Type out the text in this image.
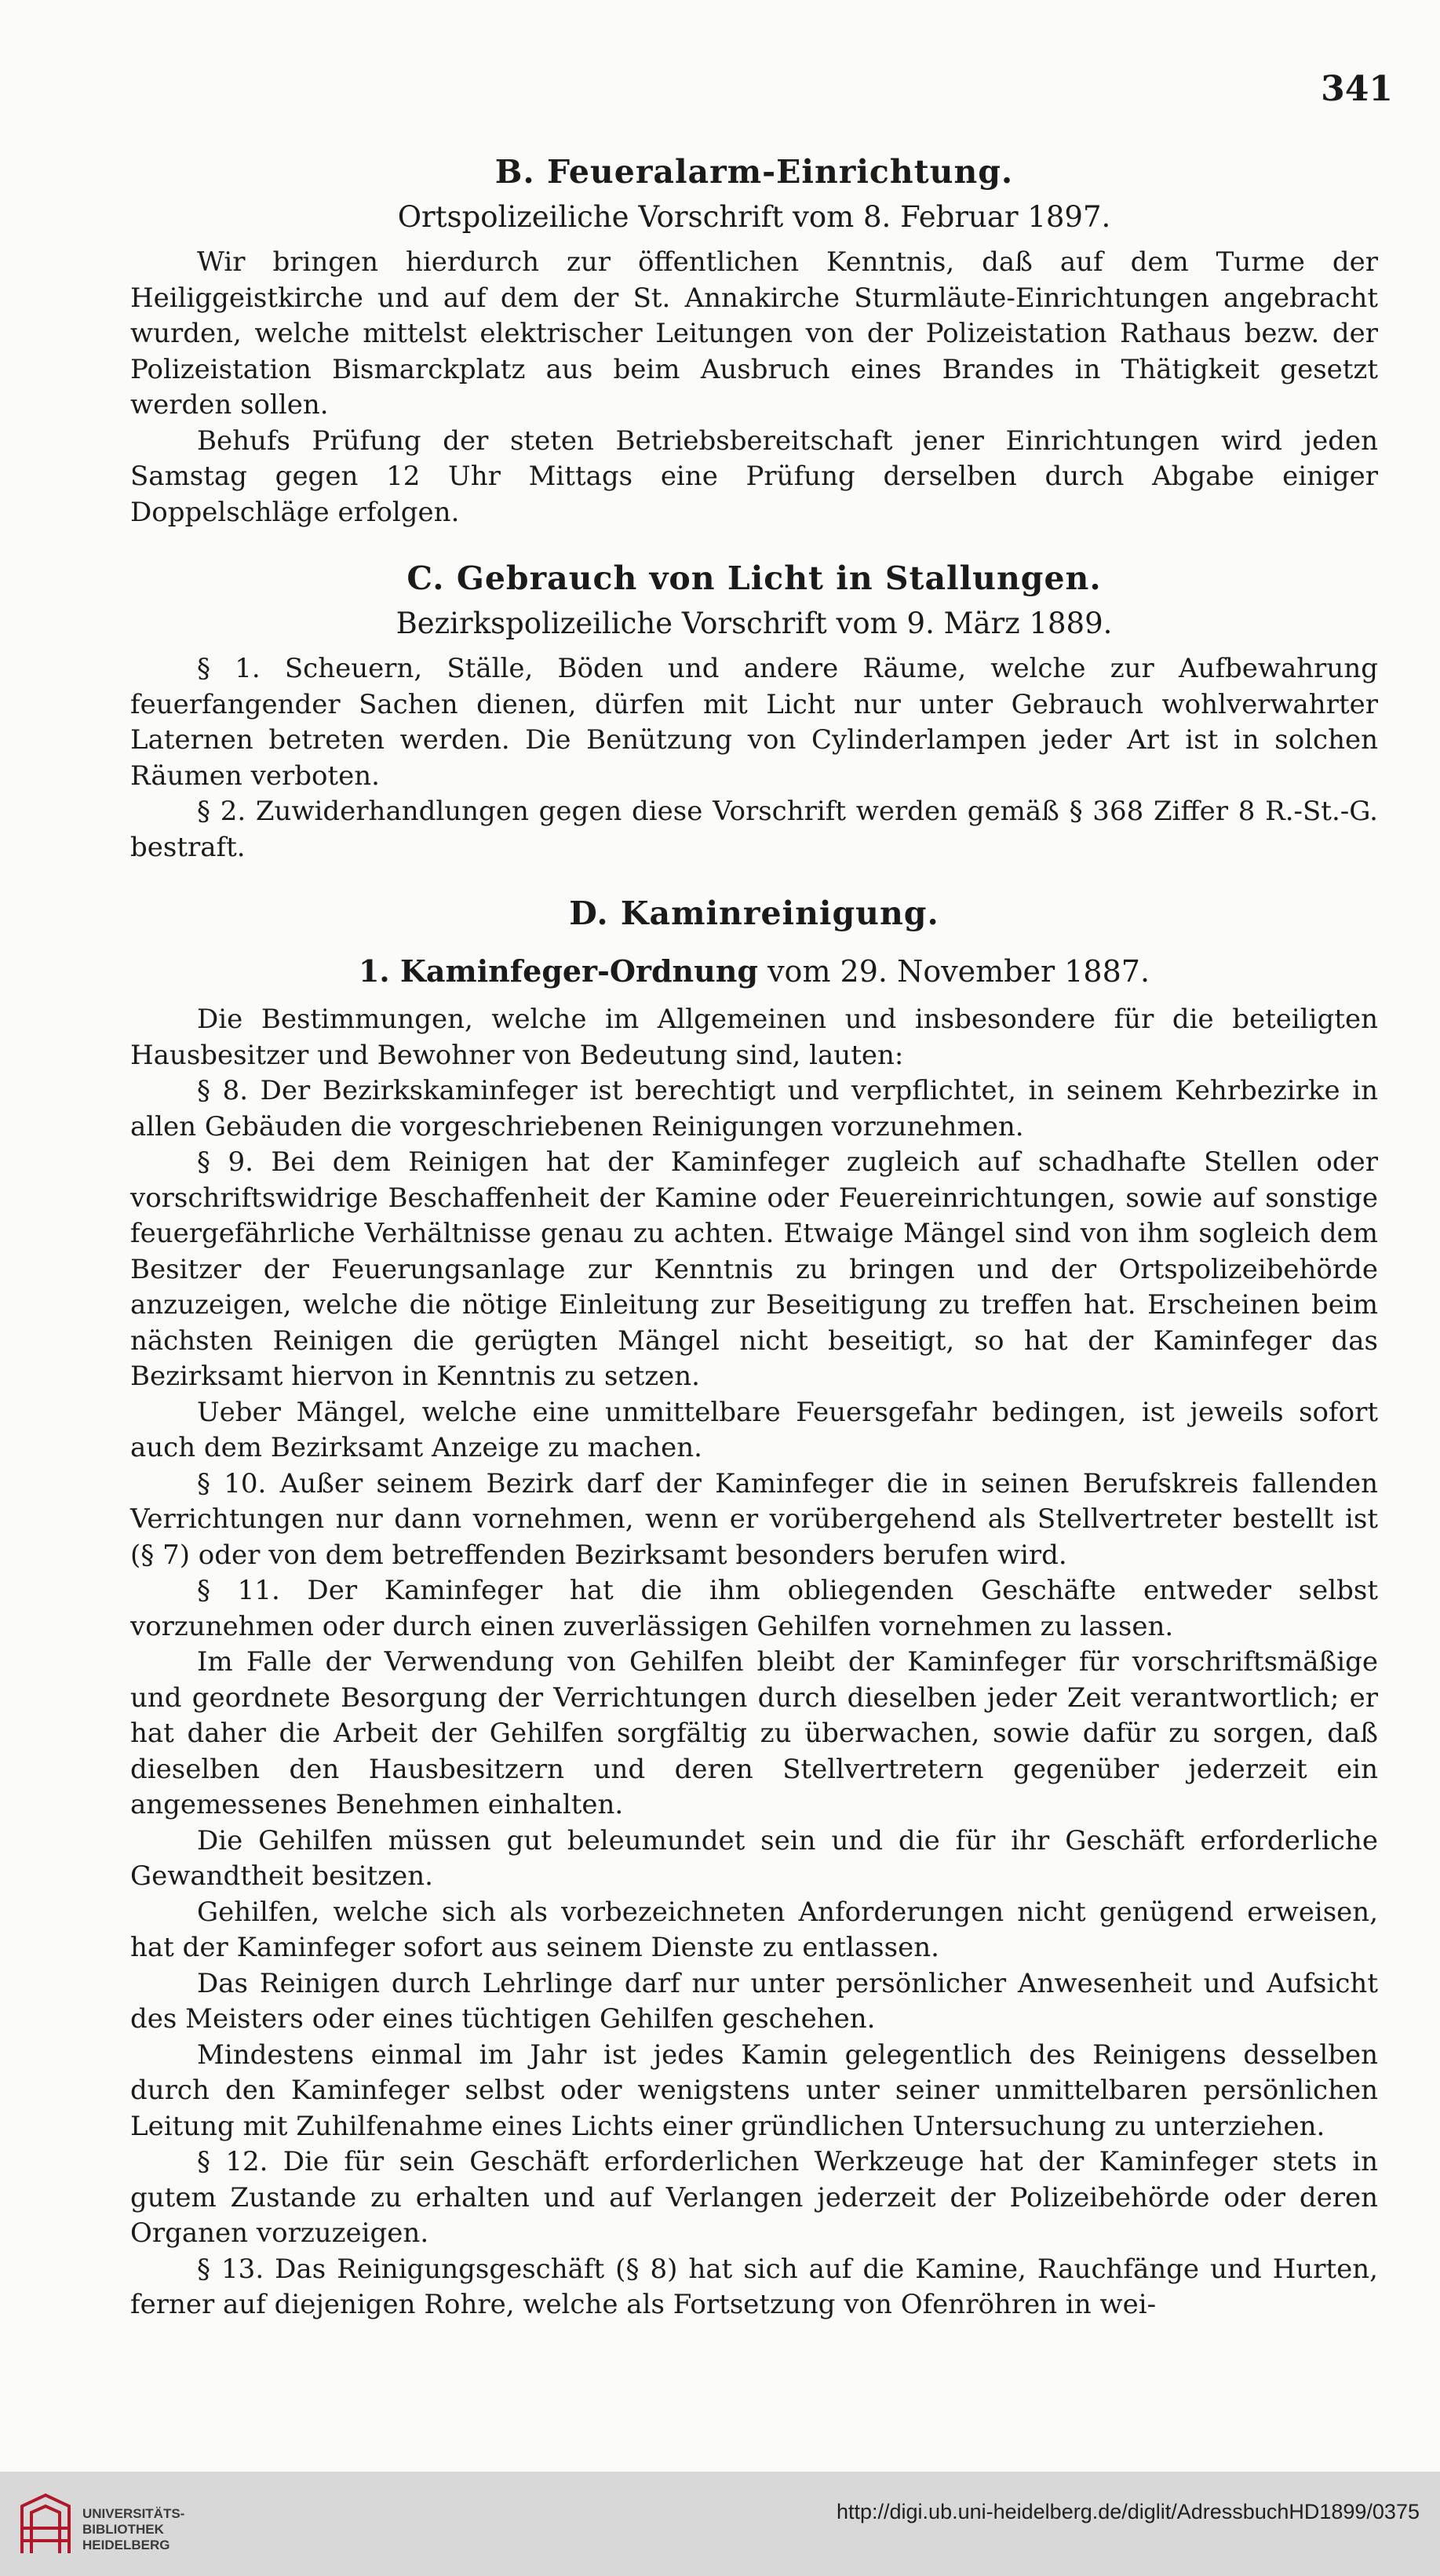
341
B. Feueralarm-Einrichtung.
Ortspolizeiliche Vorschrift vom 8. Februar 1897.

Wir bringen hierdurch zur öffentlichen Kenntnis, daß auf dem Turme der Heiliggeistkirche und auf dem der St. Annakirche Sturmläute-Einrichtungen angebracht wurden, welche mittelst elektrischer Leitungen von der Polizeistation Rathaus bezw. der Polizeistation Bismarckplatz aus beim Ausbruch eines Brandes in Thätigkeit gesetzt werden sollen.

Behufs Prüfung der steten Betriebsbereitschaft jener Einrichtungen wird jeden Samstag gegen 12 Uhr Mittags eine Prüfung derselben durch Abgabe einiger Doppelschläge erfolgen.

C. Gebrauch von Licht in Stallungen.
Bezirkspolizeiliche Vorschrift vom 9. März 1889.

§ 1. Scheuern, Ställe, Böden und andere Räume, welche zur Aufbewahrung feuerfangender Sachen dienen, dürfen mit Licht nur unter Gebrauch wohlverwahrter Laternen betreten werden. Die Benützung von Cylinderlampen jeder Art ist in solchen Räumen verboten.

§ 2. Zuwiderhandlungen gegen diese Vorschrift werden gemäß § 368 Ziffer 8 R.-St.-G. bestraft.

D. Kaminreinigung.
1. Kaminfeger-Ordnung vom 29. November 1887.

Die Bestimmungen, welche im Allgemeinen und insbesondere für die beteiligten Hausbesitzer und Bewohner von Bedeutung sind, lauten:

§ 8. Der Bezirkskaminfeger ist berechtigt und verpflichtet, in seinem Kehrbezirke in allen Gebäuden die vorgeschriebenen Reinigungen vorzunehmen.

§ 9. Bei dem Reinigen hat der Kaminfeger zugleich auf schadhafte Stellen oder vorschriftswidrige Beschaffenheit der Kamine oder Feuereinrichtungen, sowie auf sonstige feuergefährliche Verhältnisse genau zu achten. Etwaige Mängel sind von ihm sogleich dem Besitzer der Feuerungsanlage zur Kenntnis zu bringen und der Ortspolizeibehörde anzuzeigen, welche die nötige Einleitung zur Beseitigung zu treffen hat. Erscheinen beim nächsten Reinigen die gerügten Mängel nicht beseitigt, so hat der Kaminfeger das Bezirksamt hiervon in Kenntnis zu setzen.

Ueber Mängel, welche eine unmittelbare Feuersgefahr bedingen, ist jeweils sofort auch dem Bezirksamt Anzeige zu machen.

§ 10. Außer seinem Bezirk darf der Kaminfeger die in seinen Berufskreis fallenden Verrichtungen nur dann vornehmen, wenn er vorübergehend als Stellvertreter bestellt ist (§ 7) oder von dem betreffenden Bezirksamt besonders berufen wird.

§ 11. Der Kaminfeger hat die ihm obliegenden Geschäfte entweder selbst vorzunehmen oder durch einen zuverlässigen Gehilfen vornehmen zu lassen.

Im Falle der Verwendung von Gehilfen bleibt der Kaminfeger für vorschriftsmäßige und geordnete Besorgung der Verrichtungen durch dieselben jeder Zeit verantwortlich; er hat daher die Arbeit der Gehilfen sorgfältig zu überwachen, sowie dafür zu sorgen, daß dieselben den Hausbesitzern und deren Stellvertretern gegenüber jederzeit ein angemessenes Benehmen einhalten.

Die Gehilfen müssen gut beleumundet sein und die für ihr Geschäft erforderliche Gewandtheit besitzen.

Gehilfen, welche sich als vorbezeichneten Anforderungen nicht genügend erweisen, hat der Kaminfeger sofort aus seinem Dienste zu entlassen.

Das Reinigen durch Lehrlinge darf nur unter persönlicher Anwesenheit und Aufsicht des Meisters oder eines tüchtigen Gehilfen geschehen.

Mindestens einmal im Jahr ist jedes Kamin gelegentlich des Reinigens desselben durch den Kaminfeger selbst oder wenigstens unter seiner unmittelbaren persönlichen Leitung mit Zuhilfenahme eines Lichts einer gründlichen Untersuchung zu unterziehen.

§ 12. Die für sein Geschäft erforderlichen Werkzeuge hat der Kaminfeger stets in gutem Zustande zu erhalten und auf Verlangen jederzeit der Polizeibehörde oder deren Organen vorzuzeigen.

§ 13. Das Reinigungsgeschäft (§ 8) hat sich auf die Kamine, Rauchfänge und Hurten, ferner auf diejenigen Rohre, welche als Fortsetzung von Ofenröhren in wei-

UNIVERSITÄTS-
BIBLIOTHEK
HEIDELBERG
http://digi.ub.uni-heidelberg.de/diglit/AdressbuchHD1899/0375
